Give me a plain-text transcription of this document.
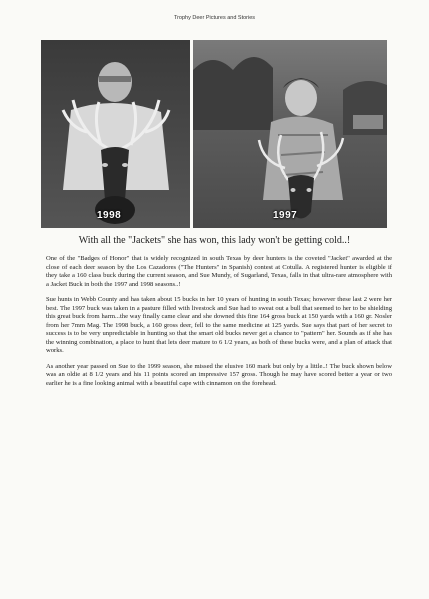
Trophy Deer Pictures and Stories
1998	1997
With all the "Jackets" she has won, this lady won't be getting cold..!

One of the "Badges of Honor" that is widely recognized in south Texas by deer hunters is the coveted "Jacket" awarded at the close of each deer season by the Los Cazadores ("The Hunters" in Spanish) contest at Cotulla. A registered hunter is eligible if they take a 160 class buck during the current season, and Sue Mundy, of Sugarland, Texas, falls in that ultra-rare atmosphere with a Jacket Buck in both the 1997 and 1998 seasons..!

Sue hunts in Webb County and has taken about 15 bucks in her 10 years of hunting in south Texas; however these last 2 were her best. The 1997 buck was taken in a pasture filled with livestock and Sue had to sweat out a bull that seemed to her to be shielding this great buck from harm...the way finally came clear and she downed this fine 164 gross buck at 150 yards with a 160 gr. Nosler from her 7mm Mag. The 1998 buck, a 160 gross deer, fell to the same medicine at 125 yards. Sue says that part of her secret to success is to be very unpredictable in hunting so that the smart old bucks never get a chance to "pattern" her. Sounds as if she has the winning combination, a place to hunt that lets deer mature to 6 1/2 years, as both of these bucks were, and a plan of attack that works.

As another year passed on Sue to the 1999 season, she missed the elusive 160 mark but only by a little..! The buck shown below was an oldie at 8 1/2 years and his 11 points scored an impressive 157 gross. Though he may have scored better a year or two earlier he is a fine looking animal with a beautiful cape with cinnamon on the forehead.
